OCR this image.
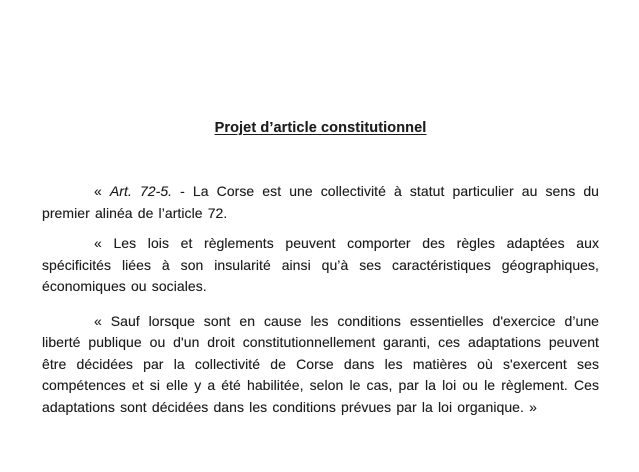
Projet d’article constitutionnel

« Art. 72-5. - La Corse est une collectivité à statut particulier au sens du premier alinéa de l’article 72.

« Les lois et règlements peuvent comporter des règles adaptées aux spécificités liées à son insularité ainsi qu’à ses caractéristiques géographiques, économiques ou sociales.

« Sauf lorsque sont en cause les conditions essentielles d'exercice d’une liberté publique ou d'un droit constitutionnellement garanti, ces adaptations peuvent être décidées par la collectivité de Corse dans les matières où s'exercent ses compétences et si elle y a été habilitée, selon le cas, par la loi ou le règlement. Ces adaptations sont décidées dans les conditions prévues par la loi organique. »
